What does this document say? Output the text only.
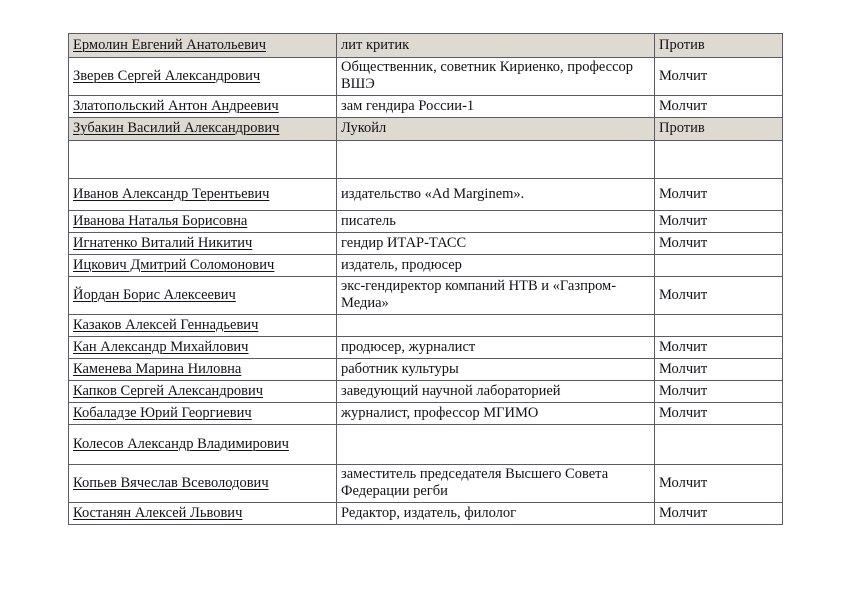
Ермолин Евгений Анатольевич	лит критик	Против
Зверев Сергей Александрович	Общественник, советник Кириенко, профессор ВШЭ	Молчит
Златопольский Антон Андреевич	зам гендира России-1	Молчит
Зубакин Василий Александрович	Лукойл	Против

Иванов Александр Терентьевич	издательство «Ad Marginem».	Молчит
Иванова Наталья Борисовна	писатель	Молчит
Игнатенко Виталий Никитич	гендир ИТАР-ТАСС	Молчит
Ицкович Дмитрий Соломонович	издатель, продюсер	
Йордан Борис Алексеевич	экс-гендиректор компаний НТВ и «Газпром-Медиа»	Молчит
Казаков Алексей Геннадьевич		
Кан Александр Михайлович	продюсер, журналист	Молчит
Каменева Марина Ниловна	работник культуры	Молчит
Капков Сергей Александрович	заведующий научной лабораторией	Молчит
Кобаладзе Юрий Георгиевич	журналист, профессор МГИМО	Молчит
Колесов Александр Владимирович		
Копьев Вячеслав Всеволодович	заместитель председателя Высшего Совета Федерации регби	Молчит
Костанян Алексей Львович	Редактор, издатель, филолог	Молчит
